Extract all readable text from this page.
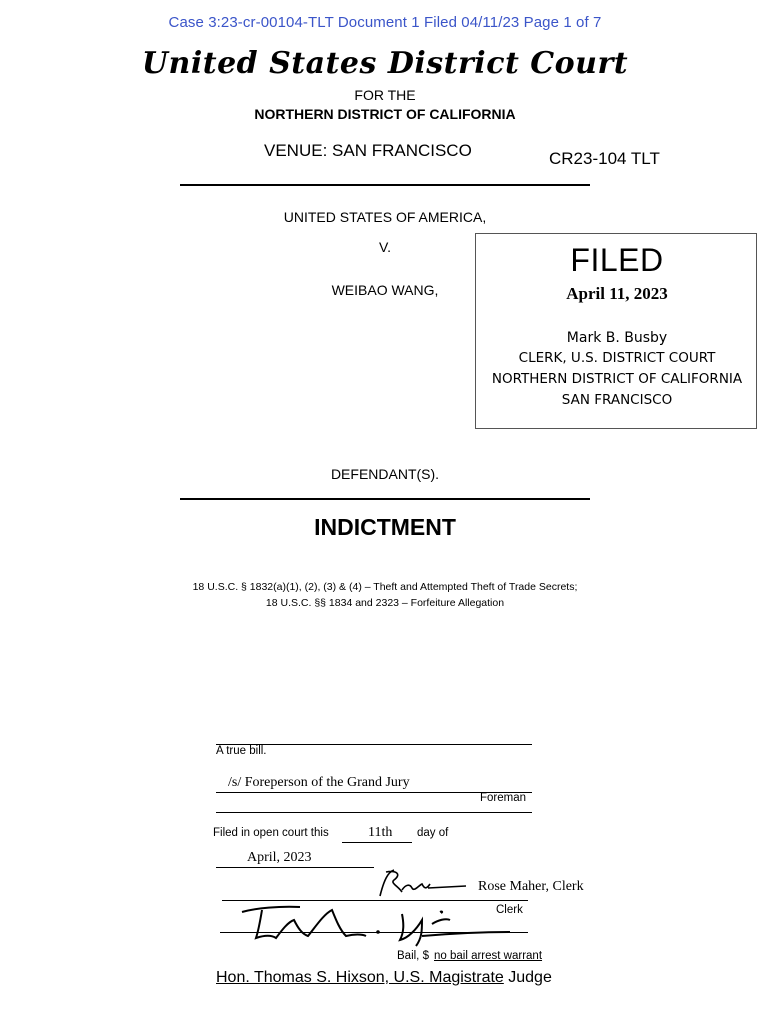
Case 3:23-cr-00104-TLT Document 1 Filed 04/11/23 Page 1 of 7
United States District Court
FOR THE
NORTHERN DISTRICT OF CALIFORNIA
VENUE: SAN FRANCISCO	CR23-104 TLT
UNITED STATES OF AMERICA,
V.
WEIBAO WANG,
FILED
April 11, 2023
Mark B. Busby
CLERK, U.S. DISTRICT COURT
NORTHERN DISTRICT OF CALIFORNIA
SAN FRANCISCO
DEFENDANT(S).
INDICTMENT
18 U.S.C. § 1832(a)(1), (2), (3) & (4) – Theft and Attempted Theft of Trade Secrets;
18 U.S.C. §§ 1834 and 2323 – Forfeiture Allegation
A true bill.
/s/ Foreperson of the Grand Jury
Foreman
Filed in open court this	11th day of
April, 2023
Rose Maher, Clerk
Clerk
Bail, $ no bail arrest warrant
Hon. Thomas S. Hixson, U.S. Magistrate Judge
